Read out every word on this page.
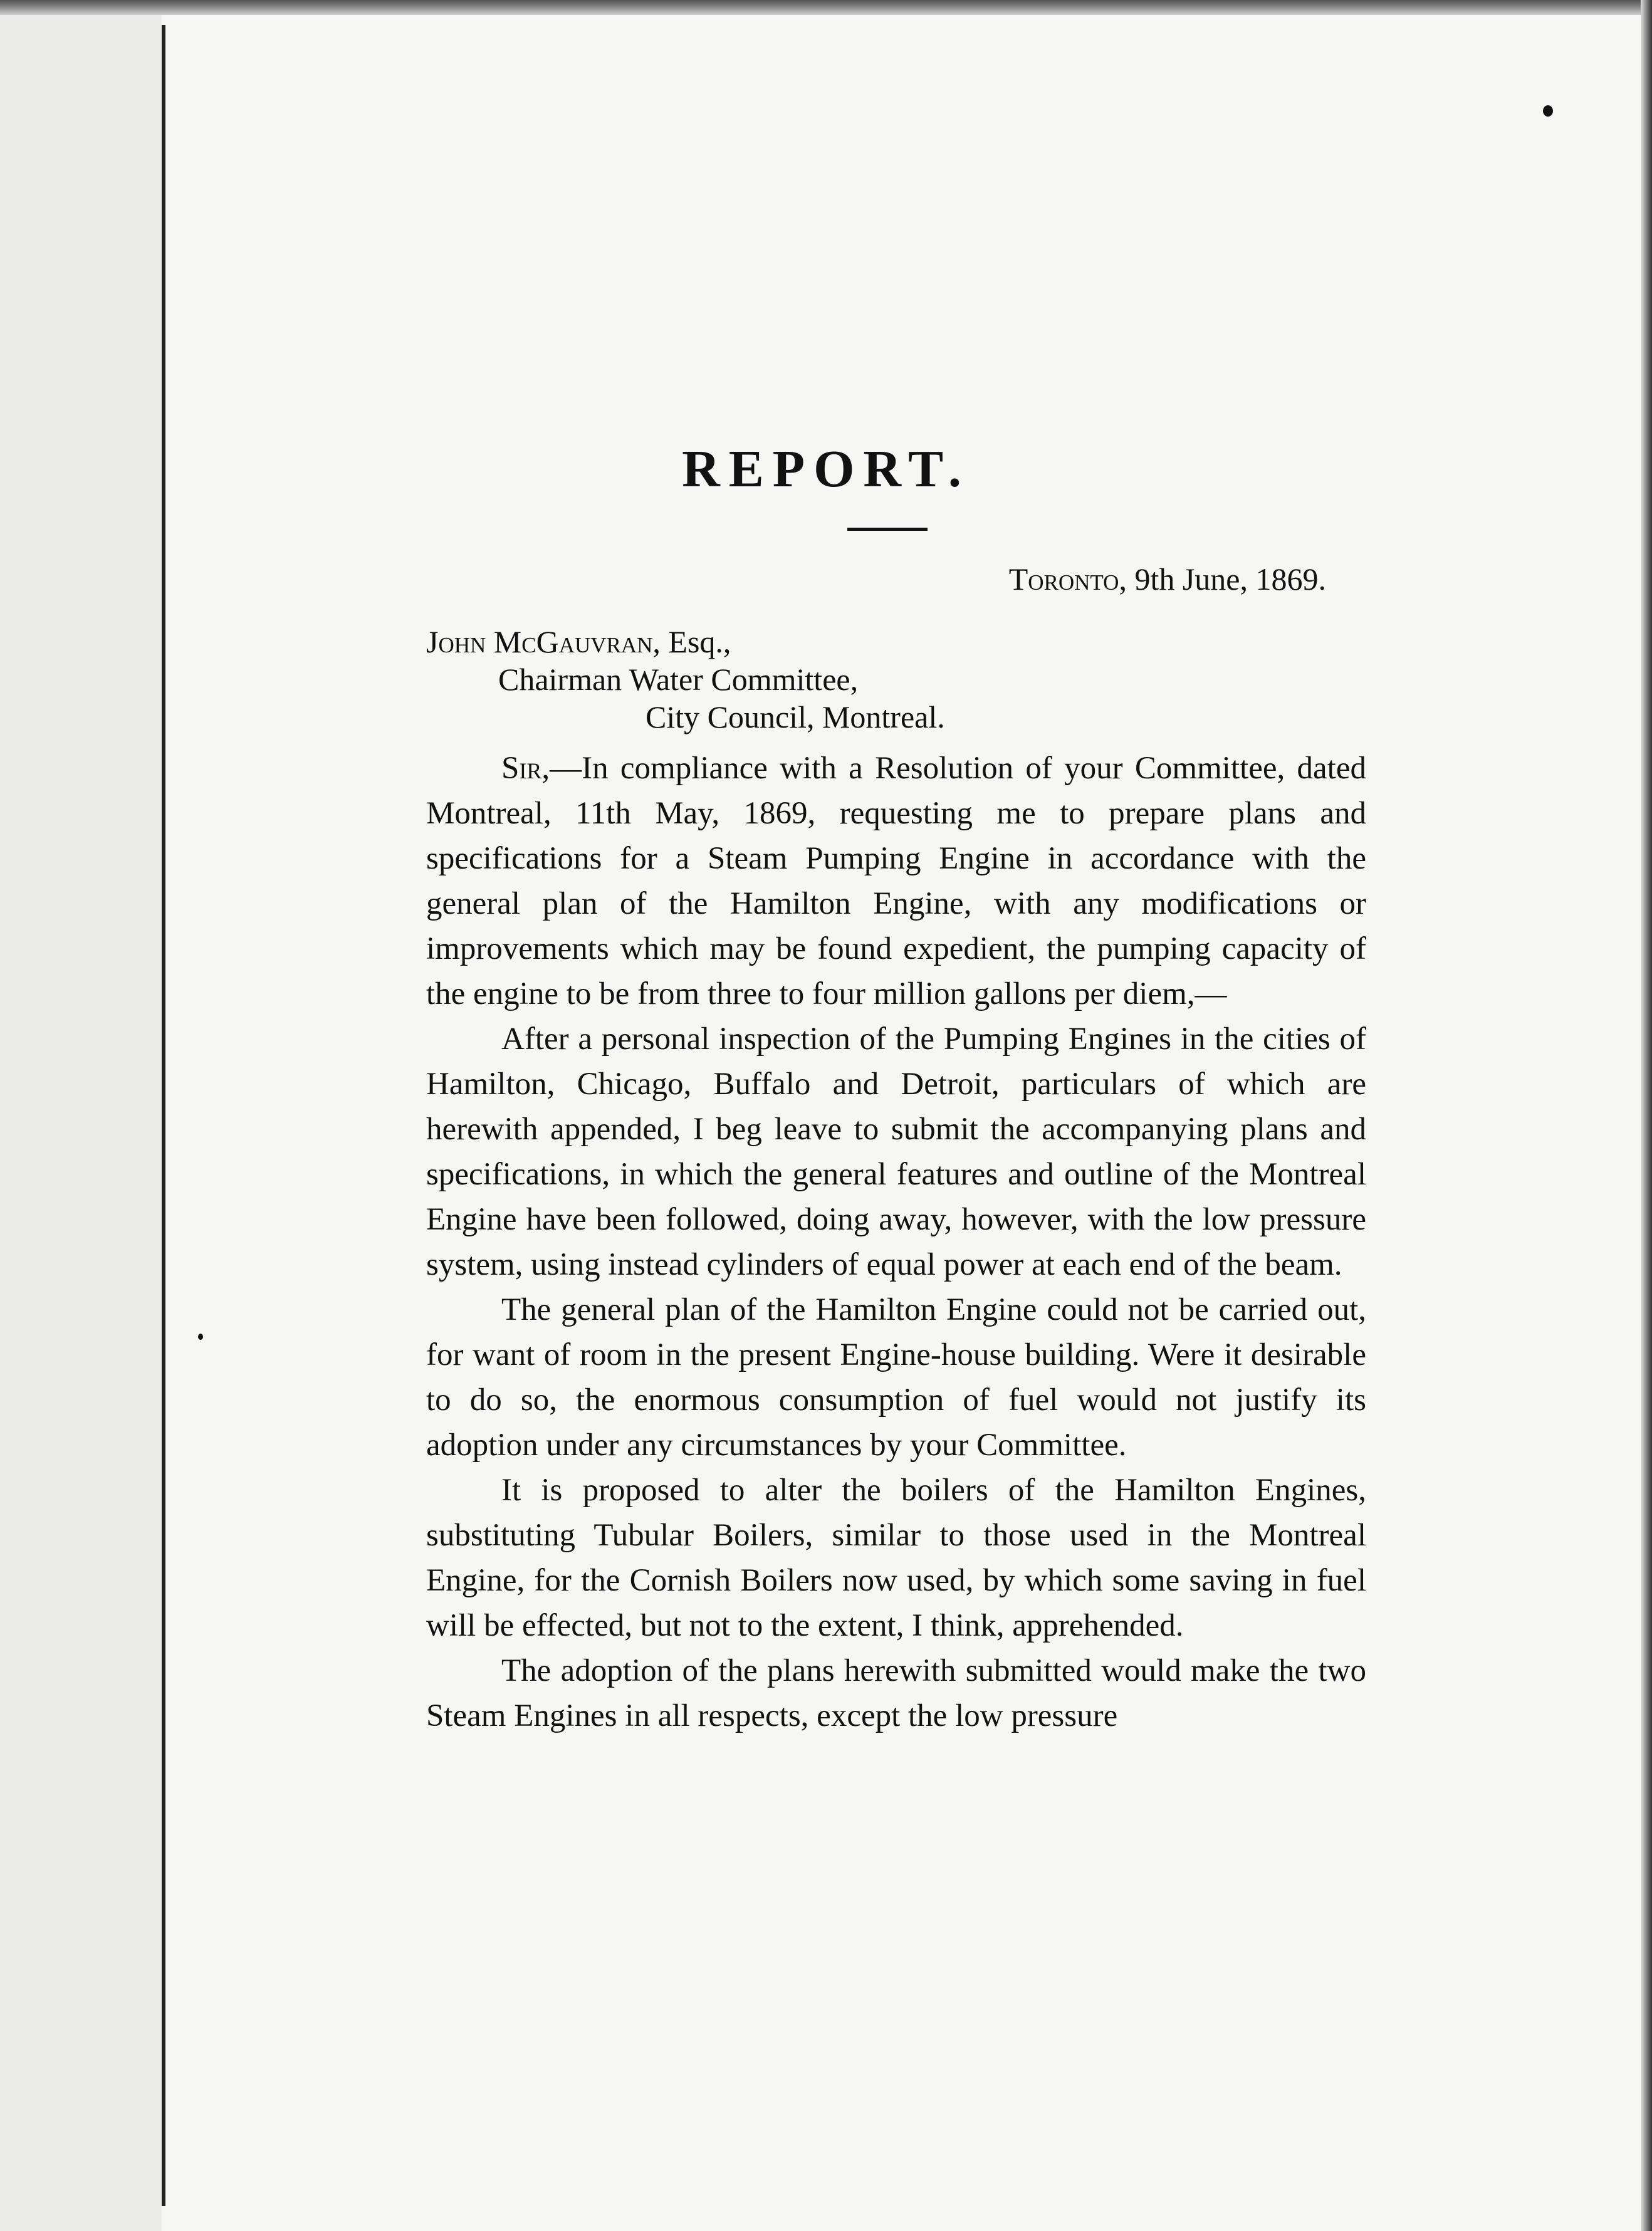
REPORT.
Toronto, 9th June, 1869.
John McGauvran, Esq.,
Chairman Water Committee,
City Council, Montreal.

Sir,—In compliance with a Resolution of your Committee, dated Montreal, 11th May, 1869, requesting me to prepare plans and specifications for a Steam Pumping Engine in accordance with the general plan of the Hamilton Engine, with any modifications or improvements which may be found expedient, the pumping capacity of the engine to be from three to four million gallons per diem,—

After a personal inspection of the Pumping Engines in the cities of Hamilton, Chicago, Buffalo and Detroit, particulars of which are herewith appended, I beg leave to submit the accompanying plans and specifications, in which the general features and outline of the Montreal Engine have been followed, doing away, however, with the low pressure system, using instead cylinders of equal power at each end of the beam.

The general plan of the Hamilton Engine could not be carried out, for want of room in the present Engine-house building. Were it desirable to do so, the enormous consumption of fuel would not justify its adoption under any circumstances by your Committee.

It is proposed to alter the boilers of the Hamilton Engines, substituting Tubular Boilers, similar to those used in the Montreal Engine, for the Cornish Boilers now used, by which some saving in fuel will be effected, but not to the extent, I think, apprehended.

The adoption of the plans herewith submitted would make the two Steam Engines in all respects, except the low pressure
